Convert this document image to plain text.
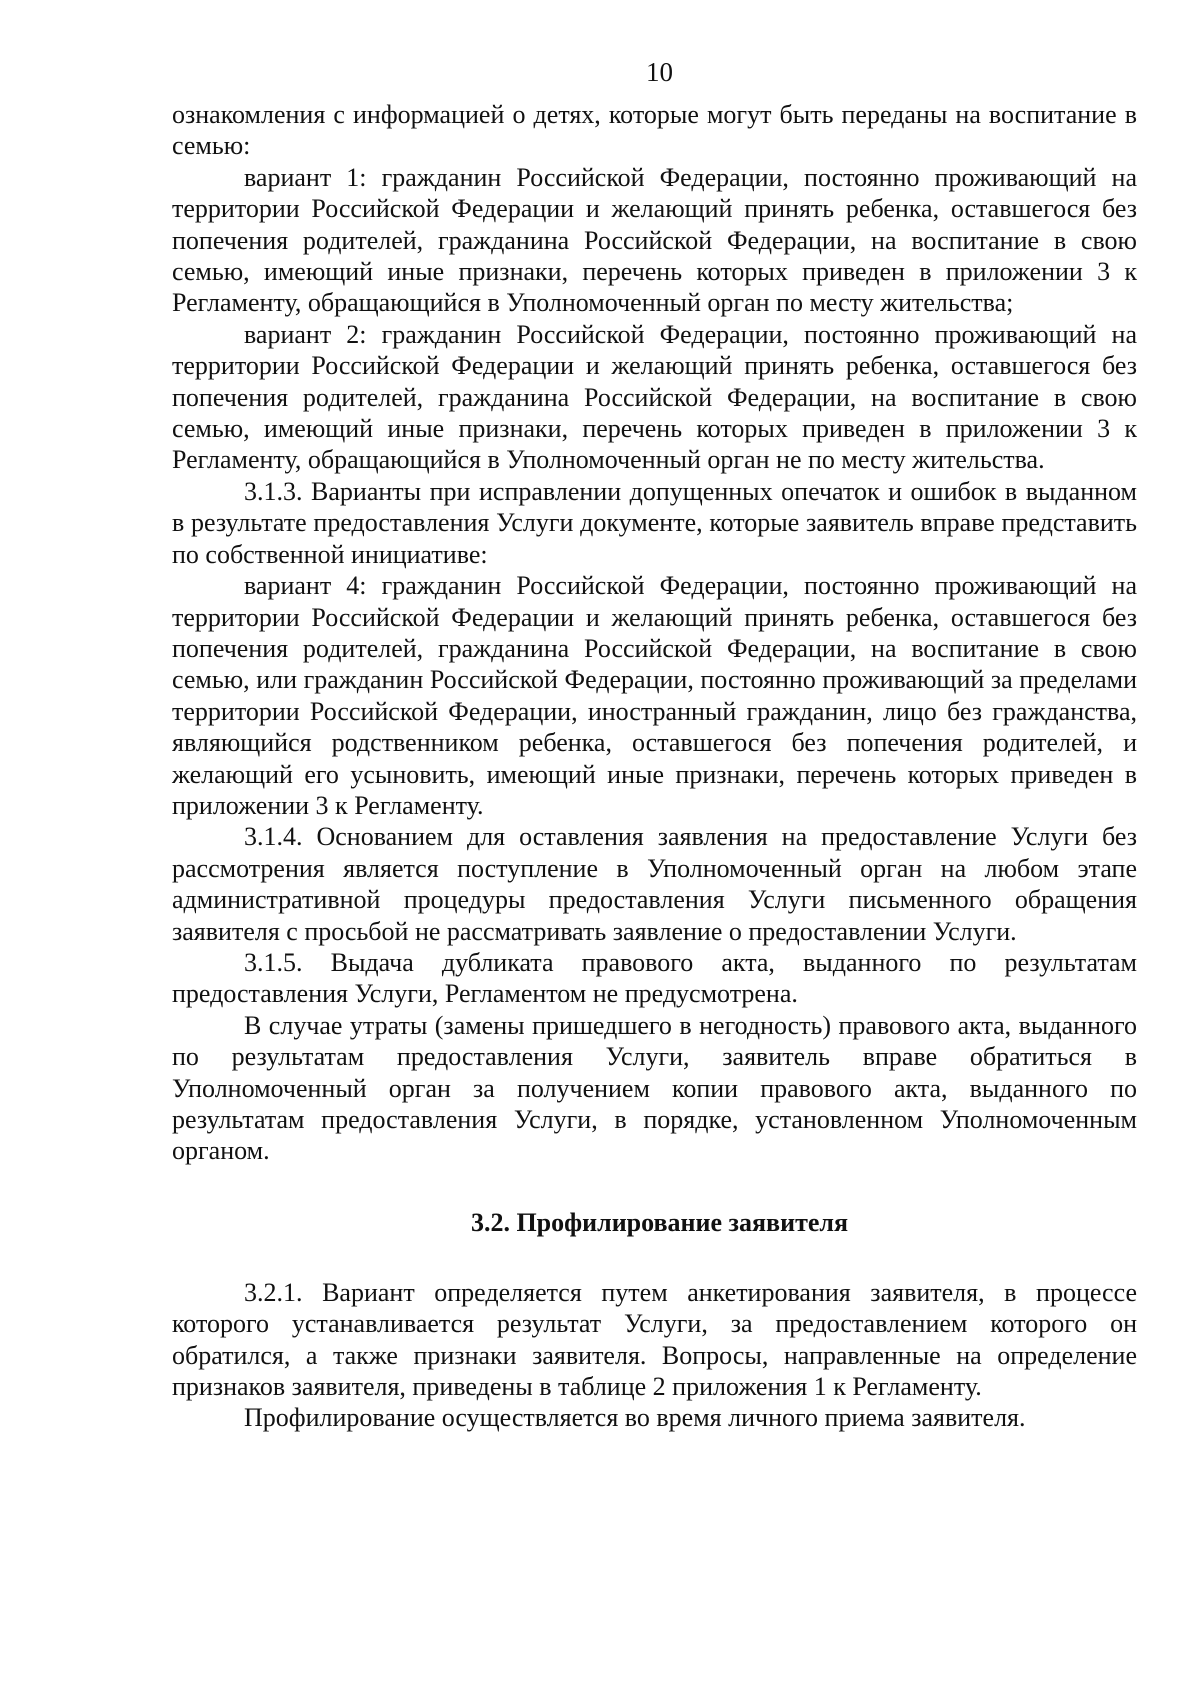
10

ознакомления с информацией о детях, которые могут быть переданы на воспитание в семью:

вариант 1: гражданин Российской Федерации, постоянно проживающий на территории Российской Федерации и желающий принять ребенка, оставшегося без попечения родителей, гражданина Российской Федерации, на воспитание в свою семью, имеющий иные признаки, перечень которых приведен в приложении 3 к Регламенту, обращающийся в Уполномоченный орган по месту жительства;

вариант 2: гражданин Российской Федерации, постоянно проживающий на территории Российской Федерации и желающий принять ребенка, оставшегося без попечения родителей, гражданина Российской Федерации, на воспитание в свою семью, имеющий иные признаки, перечень которых приведен в приложении 3 к Регламенту, обращающийся в Уполномоченный орган не по месту жительства.

3.1.3. Варианты при исправлении допущенных опечаток и ошибок в выданном в результате предоставления Услуги документе, которые заявитель вправе представить по собственной инициативе:

вариант 4: гражданин Российской Федерации, постоянно проживающий на территории Российской Федерации и желающий принять ребенка, оставшегося без попечения родителей, гражданина Российской Федерации, на воспитание в свою семью, или гражданин Российской Федерации, постоянно проживающий за пределами территории Российской Федерации, иностранный гражданин, лицо без гражданства, являющийся родственником ребенка, оставшегося без попечения родителей, и желающий его усыновить, имеющий иные признаки, перечень которых приведен в приложении 3 к Регламенту.

3.1.4. Основанием для оставления заявления на предоставление Услуги без рассмотрения является поступление в Уполномоченный орган на любом этапе административной процедуры предоставления Услуги письменного обращения заявителя с просьбой не рассматривать заявление о предоставлении Услуги.

3.1.5. Выдача дубликата правового акта, выданного по результатам предоставления Услуги, Регламентом не предусмотрена.

В случае утраты (замены пришедшего в негодность) правового акта, выданного по результатам предоставления Услуги, заявитель вправе обратиться в Уполномоченный орган за получением копии правового акта, выданного по результатам предоставления Услуги, в порядке, установленном Уполномоченным органом.

3.2. Профилирование заявителя

3.2.1. Вариант определяется путем анкетирования заявителя, в процессе которого устанавливается результат Услуги, за предоставлением которого он обратился, а также признаки заявителя. Вопросы, направленные на определение признаков заявителя, приведены в таблице 2 приложения 1 к Регламенту.

Профилирование осуществляется во время личного приема заявителя.
